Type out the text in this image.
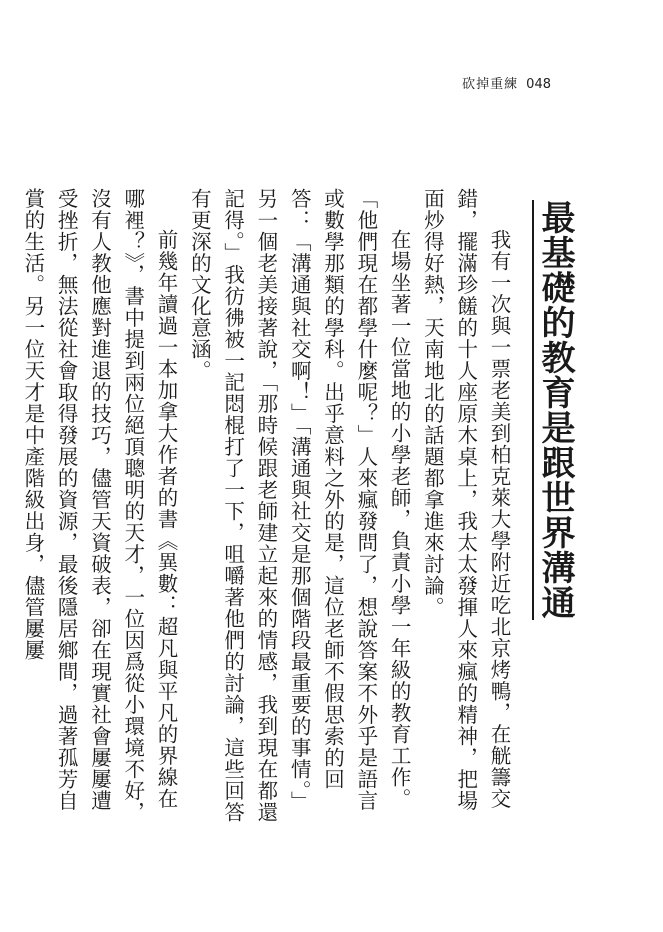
砍掉重練 048
最基礎的教育是跟世界溝通

我有一次與一票老美到柏克萊大學附近吃北京烤鴨，在觥籌交錯，擺滿珍饈的十人座原木桌上，我太太發揮人來瘋的精神，把場面炒得好熱，天南地北的話題都拿進來討論。

在場坐著一位當地的小學老師，負責小學一年級的教育工作。「他們現在都學什麼呢？」人來瘋發問了，想說答案不外乎是語言或數學那類的學科。出乎意料之外的是，這位老師不假思索的回答：「溝通與社交啊！」「溝通與社交是那個階段最重要的事情。」另一個老美接著說，「那時候跟老師建立起來的情感，我到現在都還記得。」我彷彿被一記悶棍打了一下，咀嚼著他們的討論，這些回答有更深的文化意涵。

前幾年讀過一本加拿大作者的書《異數：超凡與平凡的界線在哪裡？》，書中提到兩位絕頂聰明的天才，一位因爲從小環境不好，沒有人教他應對進退的技巧，儘管天資破表，卻在現實社會屢屢遭受挫折，無法從社會取得發展的資源，最後隱居鄉間，過著孤芳自賞的生活。另一位天才是中產階級出身，儘管屢屢
